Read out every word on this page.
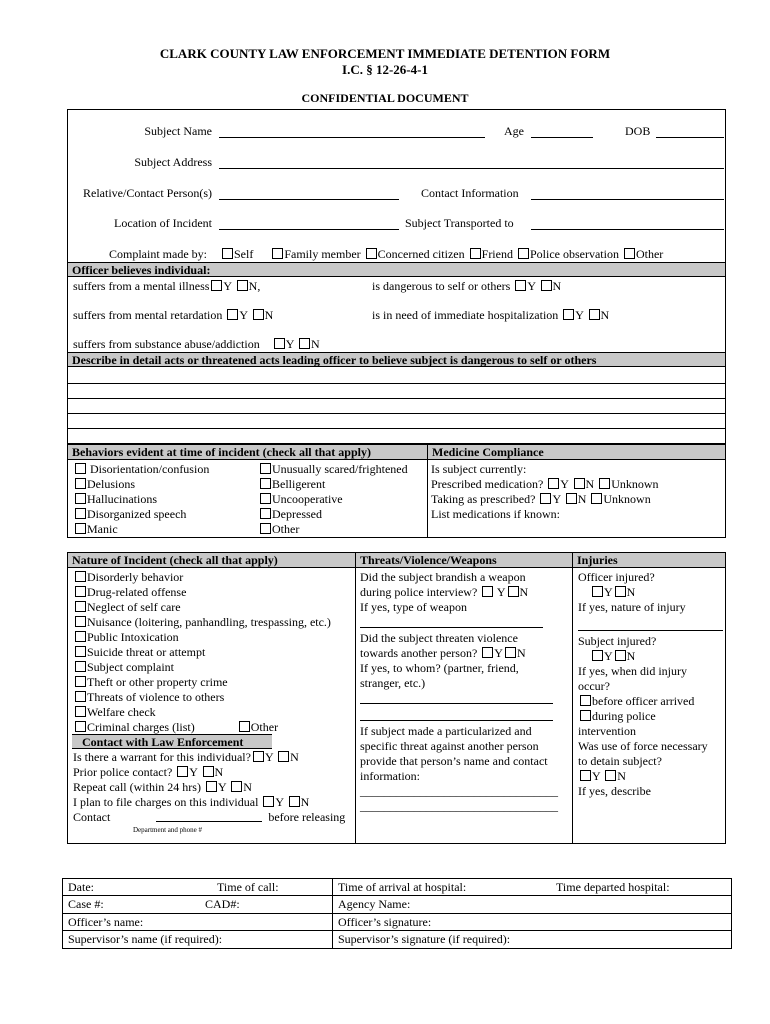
CLARK COUNTY LAW ENFORCEMENT IMMEDIATE DETENTION FORM
I.C. § 12-26-4-1
CONFIDENTIAL DOCUMENT
Subject Name	Age	DOB
Subject Address
Relative/Contact Person(s)	Contact Information
Location of Incident	Subject Transported to
Complaint made by: Self	Family member Concerned citizen Friend Police observation Other
Officer believes individual:
suffers from a mental illness Y N,	is dangerous to self or others Y N
suffers from mental retardation Y N	is in need of immediate hospitalization Y N
suffers from substance abuse/addiction Y N
Describe in detail acts or threatened acts leading officer to believe subject is dangerous to self or others
Behaviors evident at time of incident (check all that apply)	Medicine Compliance
Disorientation/confusion
Delusions
Hallucinations
Disorganized speech
Manic
Unusually scared/frightened
Belligerent
Uncooperative
Depressed
Other
Is subject currently:
Prescribed medication? Y N Unknown
Taking as prescribed? Y N Unknown
List medications if known:
Nature of Incident (check all that apply)	Threats/Violence/Weapons	Injuries
Disorderly behavior
Drug-related offense
Neglect of self care
Nuisance (loitering, panhandling, trespassing, etc.)
Public Intoxication
Suicide threat or attempt
Subject complaint
Theft or other property crime
Threats of violence to others
Welfare check
Criminal charges (list)	Other
Contact with Law Enforcement
Is there a warrant for this individual? Y N
Prior police contact? Y N
Repeat call (within 24 hrs) Y N
I plan to file charges on this individual Y N
Contact	before releasing
Department and phone #
Did the subject brandish a weapon
during police interview? Y N
If yes, type of weapon
Did the subject threaten violence
towards another person? Y N
If yes, to whom? (partner, friend,
stranger, etc.)
If subject made a particularized and
specific threat against another person
provide that person’s name and contact
information:
_________________________________
_________________________________
Officer injured?
Y N
If yes, nature of injury
Subject injured?
Y N
If yes, when did injury
occur?
before officer arrived
during police
intervention
Was use of force necessary
to detain subject?
Y N
If yes, describe
Date: Time of call:	Time of arrival at hospital: Time departed hospital:

Case #: CAD#:	Agency Name:
Officer’s name:	Officer’s signature:
Supervisor’s name (if required):	Supervisor’s signature (if required):
